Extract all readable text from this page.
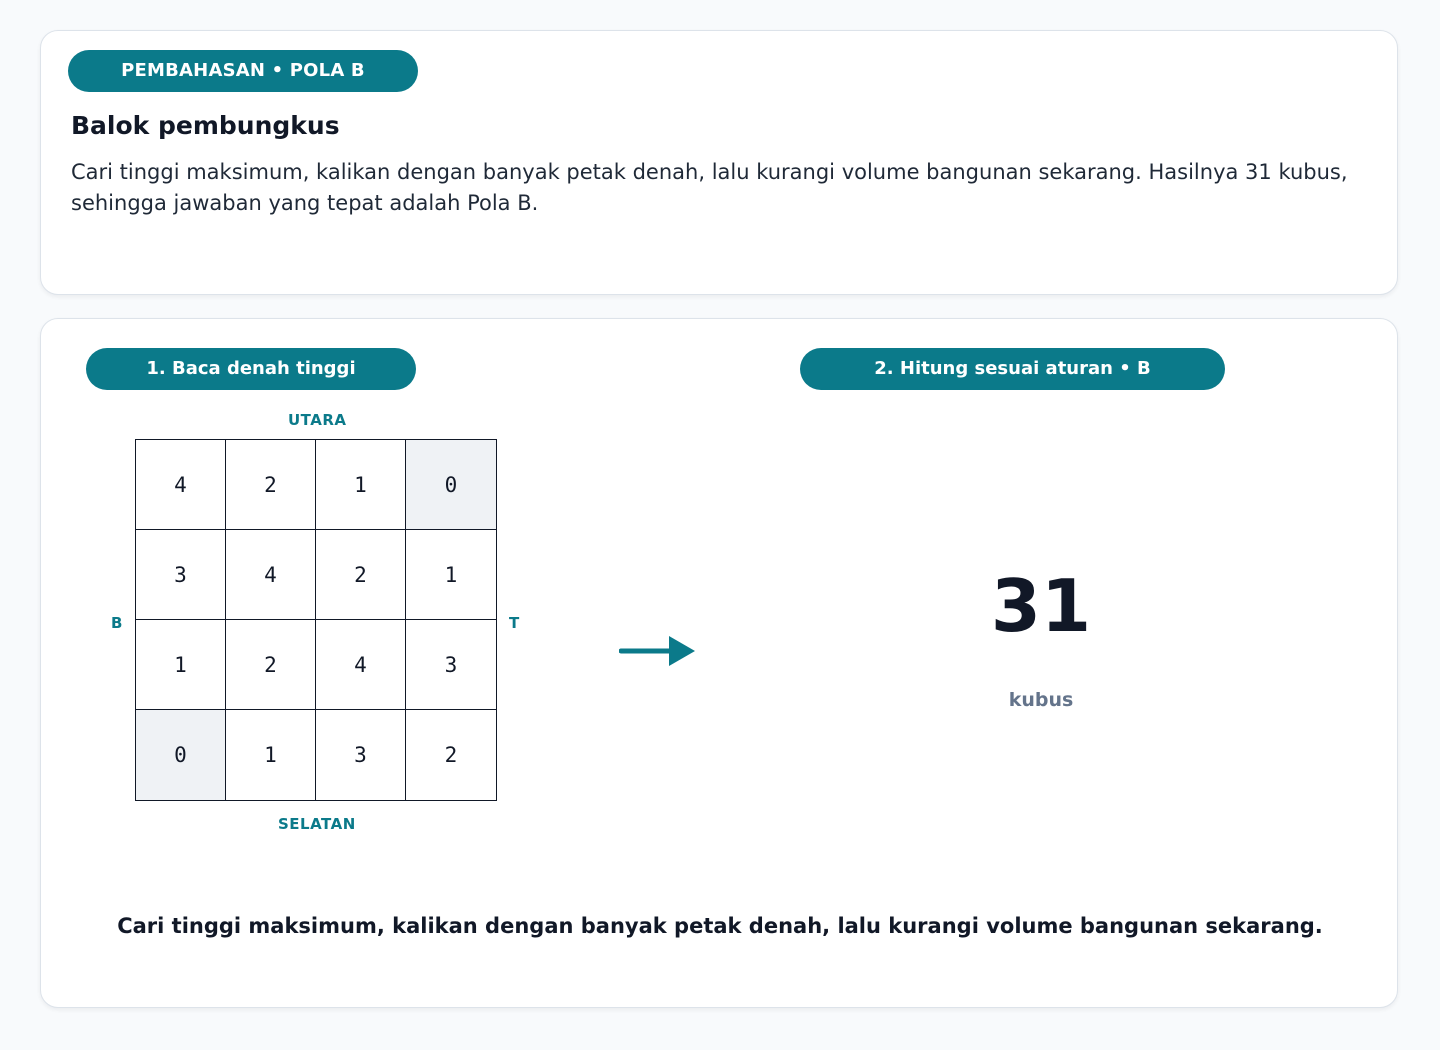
PEMBAHASAN • POLA B
Balok pembungkus
Cari tinggi maksimum, kalikan dengan banyak petak denah, lalu kurangi volume bangunan sekarang. Hasilnya 31 kubus, sehingga jawaban yang tepat adalah Pola B.
1. Baca denah tinggi	2. Hitung sesuai aturan • B
UTARA
SELATAN
B	T
4	2	1	0
3	4	2	1
1	2	4	3
0	1	3	2
31
kubus
Cari tinggi maksimum, kalikan dengan banyak petak denah, lalu kurangi volume bangunan sekarang.
